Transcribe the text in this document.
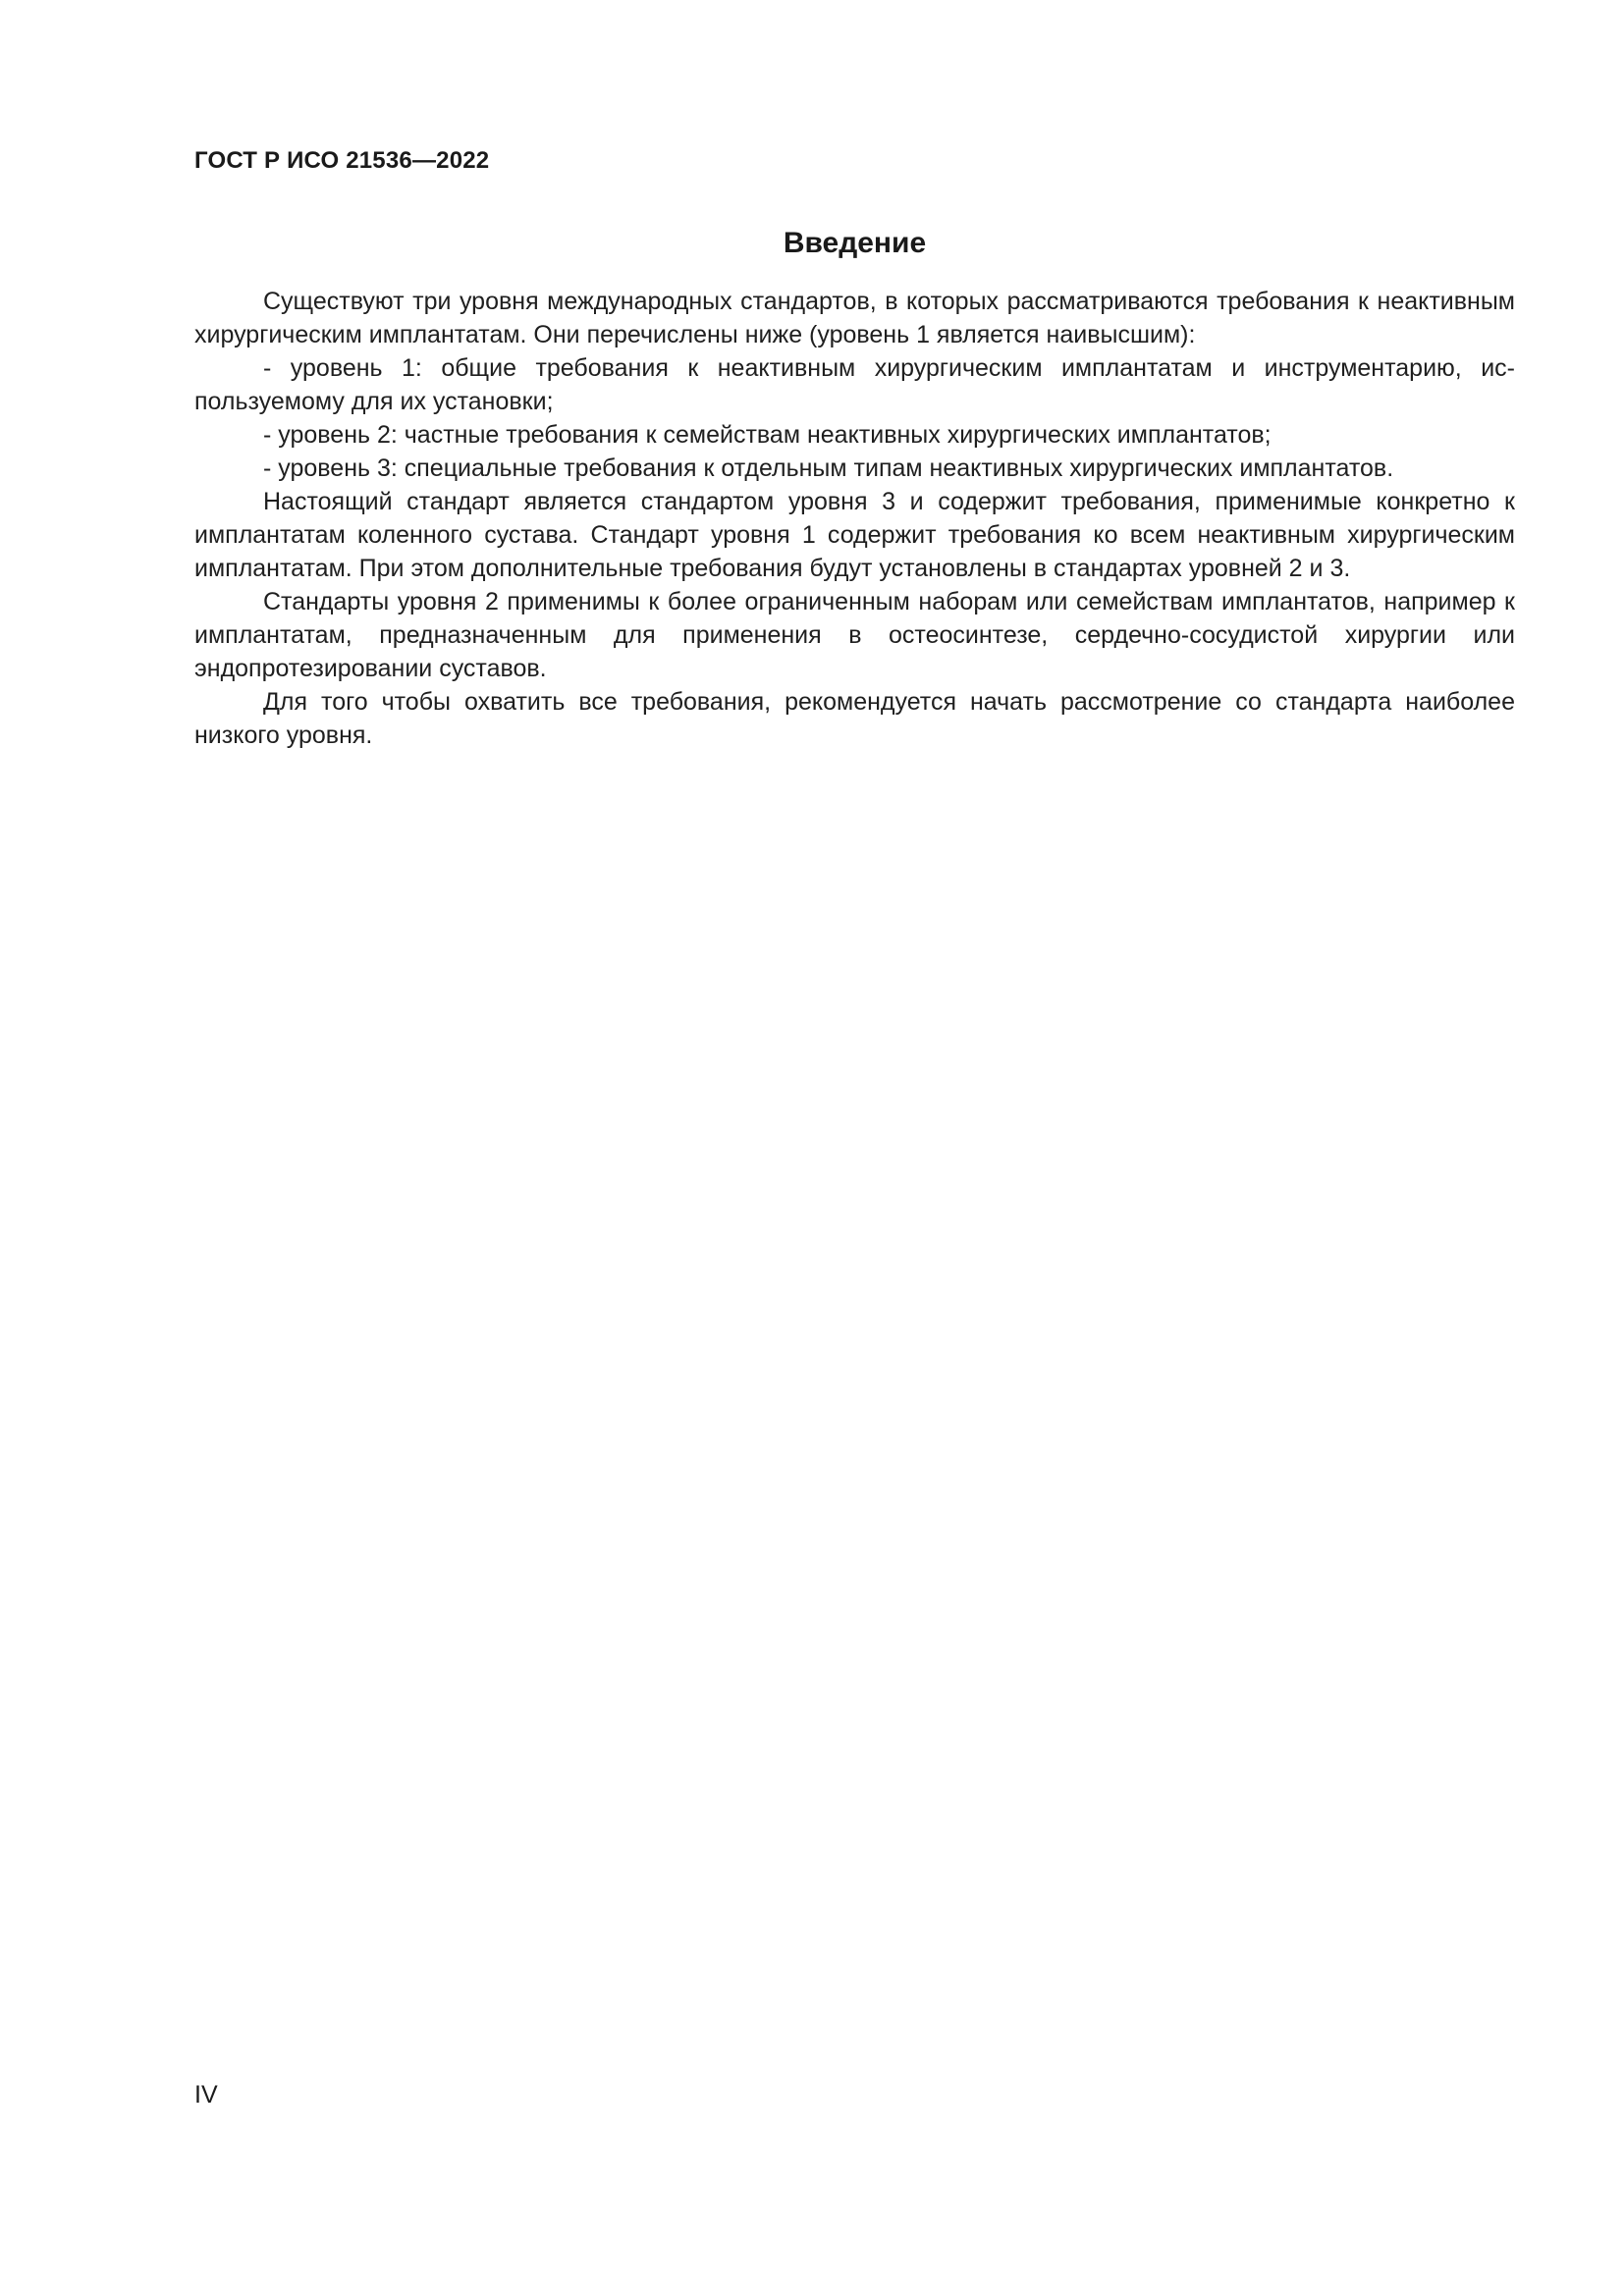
ГОСТ Р ИСО 21536—2022
Введение

Существуют три уровня международных стандартов, в которых рассматриваются требования к неактивным хирургическим имплантатам. Они перечислены ниже (уровень 1 является наивысшим):

- уровень 1: общие требования к неактивным хирургическим имплантатам и инструментарию, используемому для их установки;

- уровень 2: частные требования к семействам неактивных хирургических имплантатов;

- уровень 3: специальные требования к отдельным типам неактивных хирургических имплантатов.

Настоящий стандарт является стандартом уровня 3 и содержит требования, применимые конкретно к имплантатам коленного сустава. Стандарт уровня 1 содержит требования ко всем неактивным хирургическим имплантатам. При этом дополнительные требования будут установлены в стандартах уровней 2 и 3.

Стандарты уровня 2 применимы к более ограниченным наборам или семействам имплантатов, например к имплантатам, предназначенным для применения в остеосинтезе, сердечно-сосудистой хирургии или эндопротезировании суставов.

Для того чтобы охватить все требования, рекомендуется начать рассмотрение со стандарта наиболее низкого уровня.

IV
